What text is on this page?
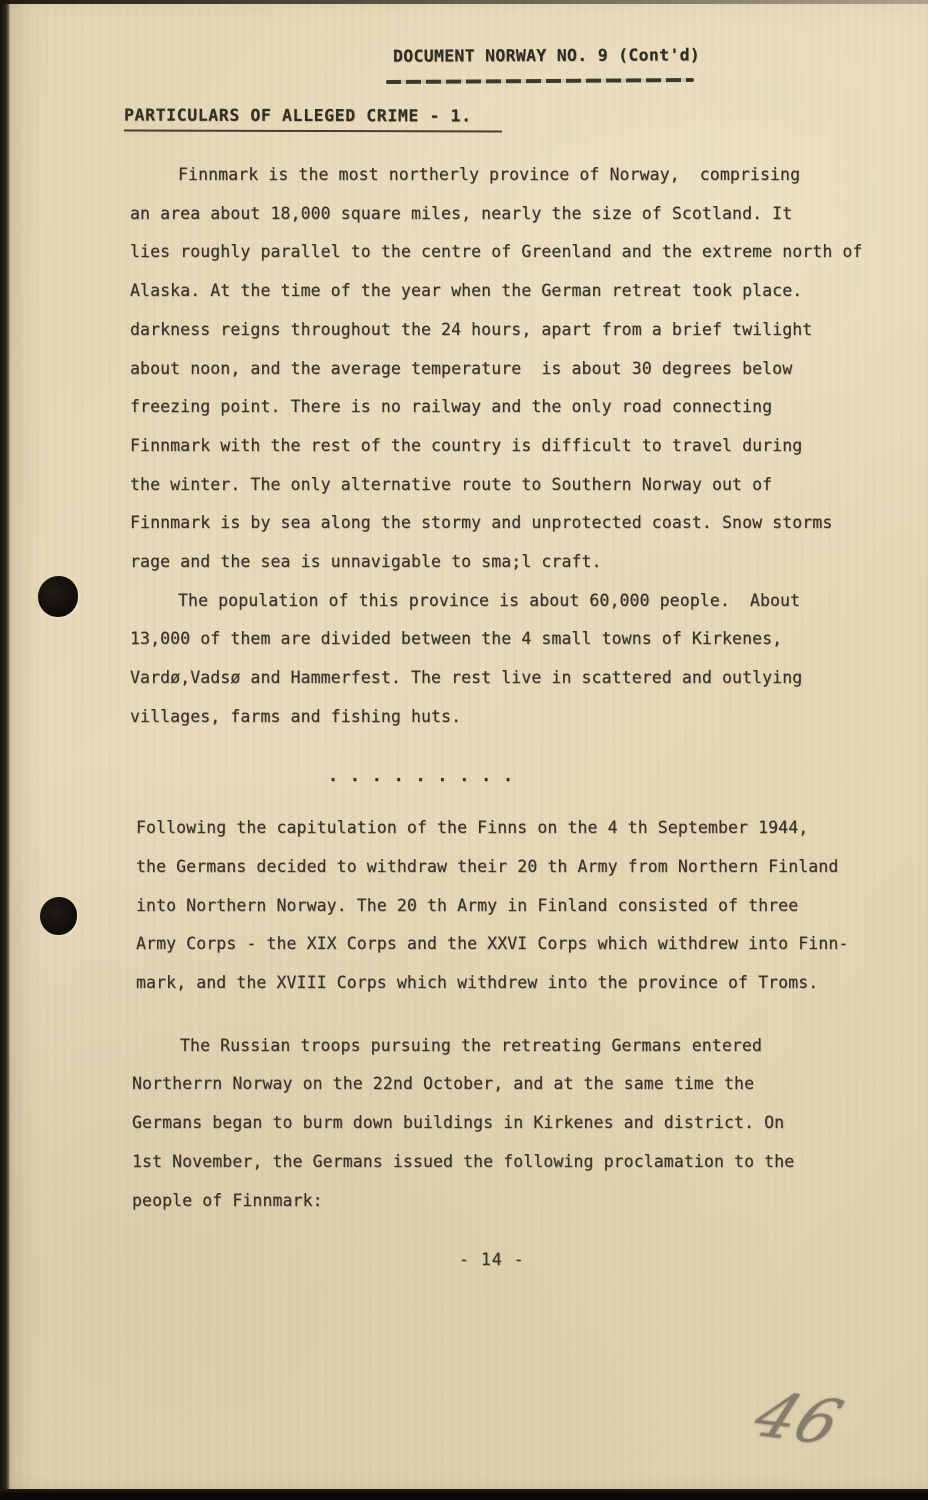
DOCUMENT NORWAY NO. 9 (Cont'd)
PARTICULARS OF ALLEGED CRIME - 1.
Finnmark is the most northerly province of Norway,  comprising
an area about 18,000 square miles, nearly the size of Scotland. It
lies roughly parallel to the centre of Greenland and the extreme north of
Alaska. At the time of the year when the German retreat took place.
darkness reigns throughout the 24 hours, apart from a brief twilight
about noon, and the average temperature  is about 30 degrees below
freezing point. There is no railway and the only road connecting
Finnmark with the rest of the country is difficult to travel during
the winter. The only alternative route to Southern Norway out of
Finnmark is by sea along the stormy and unprotected coast. Snow storms
rage and the sea is unnavigable to sma;l craft.
The population of this province is about 60,000 people.  About
13,000 of them are divided between the 4 small towns of Kirkenes,
Vardø,Vadsø and Hammerfest. The rest live in scattered and outlying
villages, farms and fishing huts.
. . . . . . . . .
Following the capitulation of the Finns on the 4 th September 1944,
the Germans decided to withdraw their 20 th Army from Northern Finland
into Northern Norway. The 20 th Army in Finland consisted of three
Army Corps - the XIX Corps and the XXVI Corps which withdrew into Finn-
mark, and the XVIII Corps which withdrew into the province of Troms.
The Russian troops pursuing the retreating Germans entered
Northerrn Norway on the 22nd October, and at the same time the
Germans began to burm down buildings in Kirkenes and district. On
1st November, the Germans issued the following proclamation to the
people of Finnmark:
- 14 -
46
